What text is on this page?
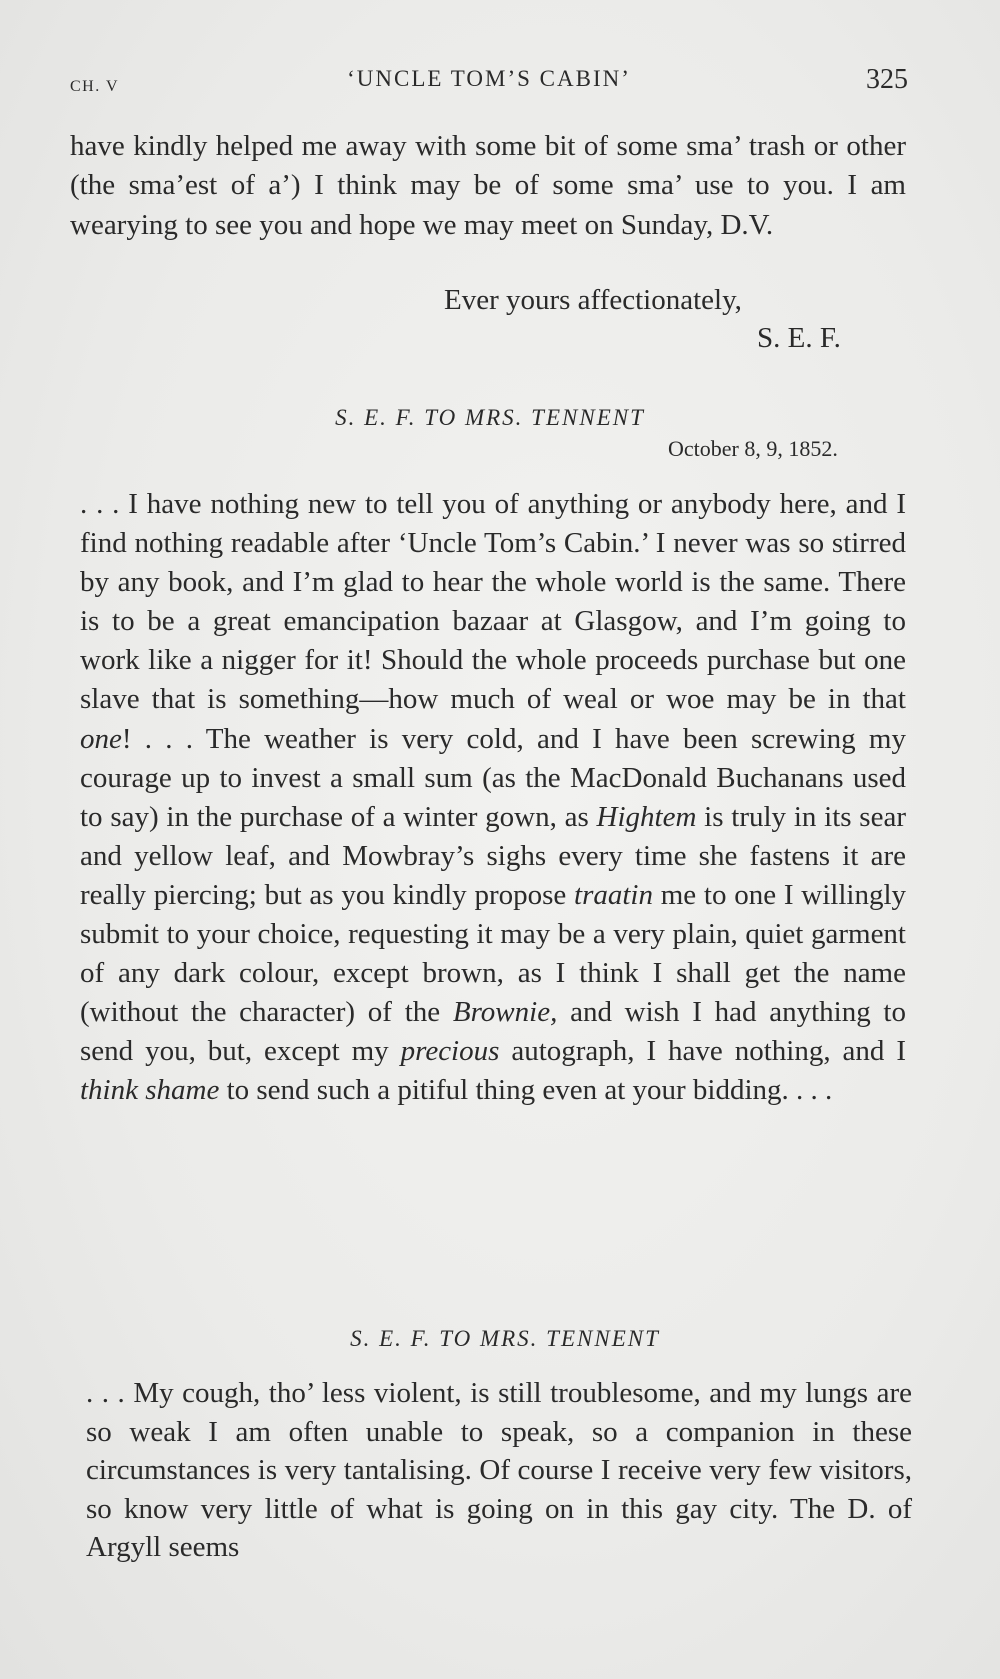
CH. V	‘UNCLE TOM’S CABIN’	325

have kindly helped me away with some bit of some sma’ trash or other (the sma’est of a’) I think may be of some sma’ use to you. I am wearying to see you and hope we may meet on Sunday, D.V.

Ever yours affectionately,
S. E. F.
S. E. F. TO MRS. TENNENT
October 8, 9, 1852.

. . . I have nothing new to tell you of anything or anybody here, and I find nothing readable after ‘Uncle Tom’s Cabin.’ I never was so stirred by any book, and I’m glad to hear the whole world is the same. There is to be a great emancipation bazaar at Glasgow, and I’m going to work like a nigger for it! Should the whole proceeds purchase but one slave that is something—how much of weal or woe may be in that one! . . . The weather is very cold, and I have been screwing my courage up to invest a small sum (as the MacDonald Buchanans used to say) in the purchase of a winter gown, as Hightem is truly in its sear and yellow leaf, and Mowbray’s sighs every time she fastens it are really piercing; but as you kindly propose traatin me to one I willingly submit to your choice, requesting it may be a very plain, quiet garment of any dark colour, except brown, as I think I shall get the name (without the character) of the Brownie, and wish I had anything to send you, but, except my precious autograph, I have nothing, and I think shame to send such a pitiful thing even at your bidding. . . .

S. E. F. TO MRS. TENNENT

. . . My cough, tho’ less violent, is still troublesome, and my lungs are so weak I am often unable to speak, so a companion in these circumstances is very tantalising. Of course I receive very few visitors, so know very little of what is going on in this gay city. The D. of Argyll seems
